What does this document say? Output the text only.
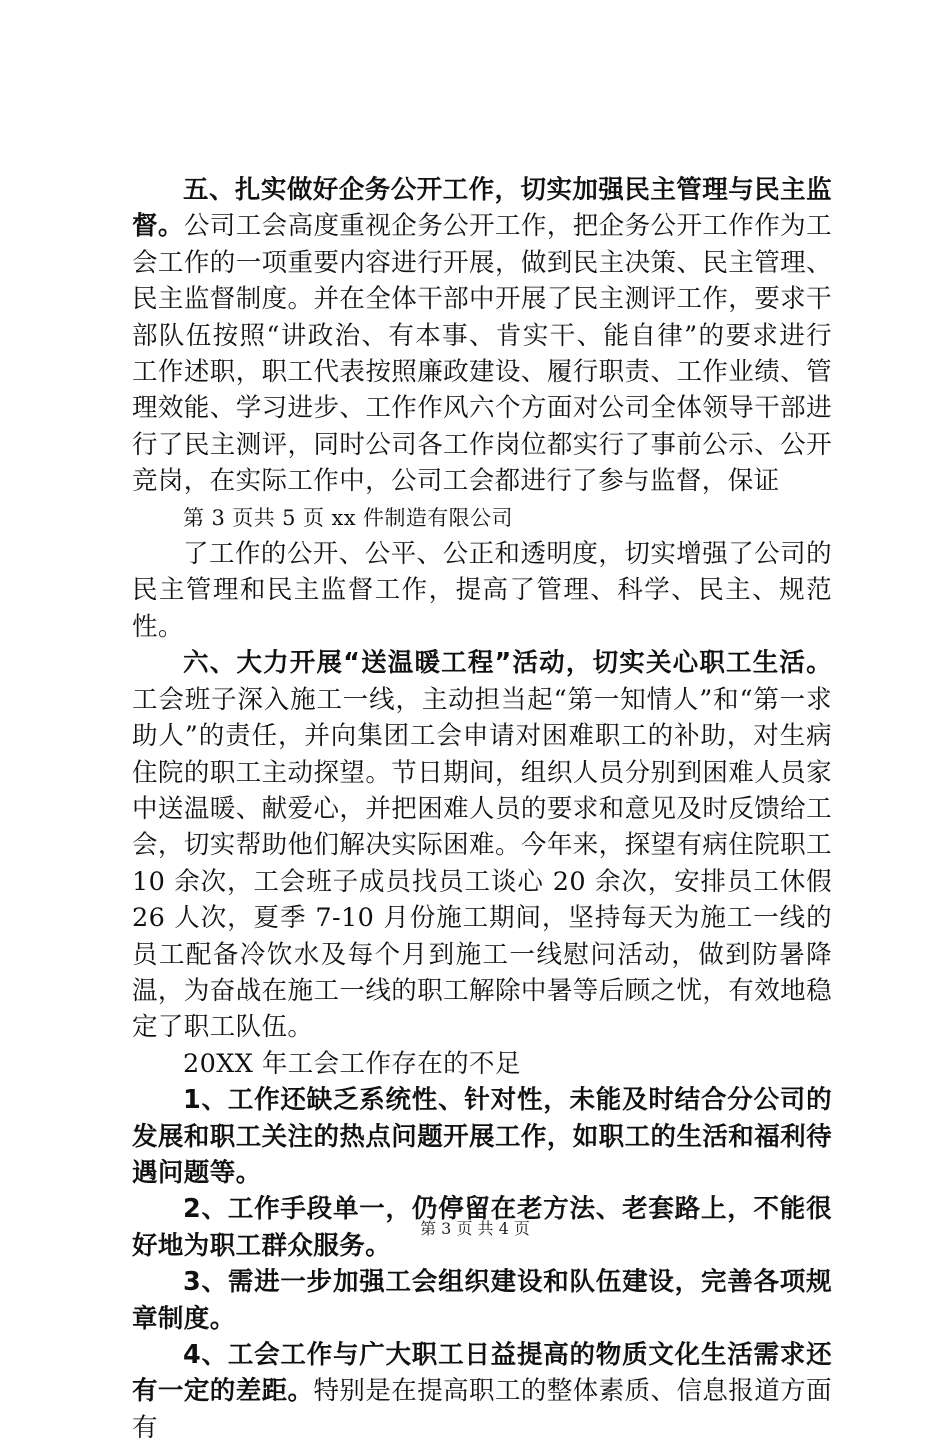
五、扎实做好企务公开工作，切实加强民主管理与民主监督。公司工会高度重视企务公开工作，把企务公开工作作为工会工作的一项重要内容进行开展，做到民主决策、民主管理、民主监督制度。并在全体干部中开展了民主测评工作，要求干部队伍按照“讲政治、有本事、肯实干、能自律”的要求进行工作述职，职工代表按照廉政建设、履行职责、工作业绩、管理效能、学习进步、工作作风六个方面对公司全体领导干部进行了民主测评，同时公司各工作岗位都实行了事前公示、公开竞岗，在实际工作中，公司工会都进行了参与监督，保证

第 3 页共 5 页 xx 件制造有限公司

了工作的公开、公平、公正和透明度，切实增强了公司的民主管理和民主监督工作，提高了管理、科学、民主、规范性。

六、大力开展“送温暖工程”活动，切实关心职工生活。工会班子深入施工一线，主动担当起“第一知情人”和“第一求助人”的责任，并向集团工会申请对困难职工的补助，对生病住院的职工主动探望。节日期间，组织人员分别到困难人员家中送温暖、献爱心，并把困难人员的要求和意见及时反馈给工会，切实帮助他们解决实际困难。今年来，探望有病住院职工 10 余次，工会班子成员找员工谈心 20 余次，安排员工休假 26 人次，夏季 7-10 月份施工期间，坚持每天为施工一线的员工配备冷饮水及每个月到施工一线慰问活动，做到防暑降温，为奋战在施工一线的职工解除中暑等后顾之忧，有效地稳定了职工队伍。

20XX 年工会工作存在的不足

1、工作还缺乏系统性、针对性，未能及时结合分公司的发展和职工关注的热点问题开展工作，如职工的生活和福利待遇问题等。

2、工作手段单一，仍停留在老方法、老套路上，不能很好地为职工群众服务。

3、需进一步加强工会组织建设和队伍建设，完善各项规章制度。

4、工会工作与广大职工日益提高的物质文化生活需求还有一定的差距。特别是在提高职工的整体素质、信息报道方面有

第 3 页 共 4 页
